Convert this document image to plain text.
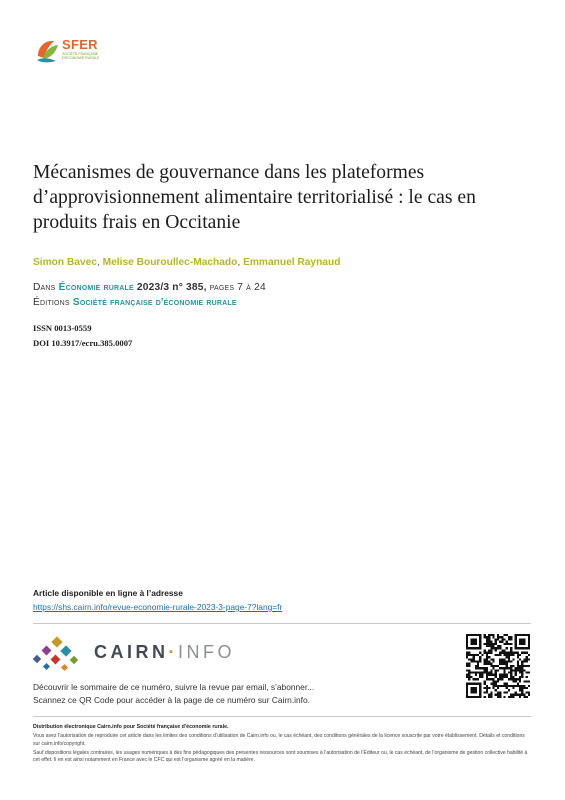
SFER
SOCIÉTÉ FRANÇAISE D'ÉCONOMIE RURALE
Mécanismes de gouvernance dans les plateformes d’approvisionnement alimentaire territorialisé : le cas en produits frais en Occitanie
Simon Bavec, Melise Bouroullec-Machado, Emmanuel Raynaud
Dans Économie rurale 2023/3 n° 385, pages 7 à 24
Éditions Société française d'économie rurale
ISSN 0013-0559
DOI 10.3917/ecru.385.0007
Article disponible en ligne à l’adresse
https://shs.cairn.info/revue-economie-rurale-2023-3-page-7?lang=fr
CAIRN·INFO
Découvrir le sommaire de ce numéro, suivre la revue par email, s’abonner...
Scannez ce QR Code pour accéder à la page de ce numéro sur Cairn.info.
Distribution électronique Cairn.info pour Société française d'économie rurale.

Vous avez l’autorisation de reproduire cet article dans les limites des conditions d’utilisation de Cairn.info ou, le cas échéant, des conditions générales de la licence souscrite par votre établissement. Détails et conditions sur cairn.info/copyright.

Sauf dispositions légales contraires, les usages numériques à des fins pédagogiques des présentes ressources sont soumises à l’autorisation de l’Éditeur ou, le cas échéant, de l’organisme de gestion collective habilité à cet effet. Il en est ainsi notamment en France avec le CFC qui est l’organisme agréé en la matière.
